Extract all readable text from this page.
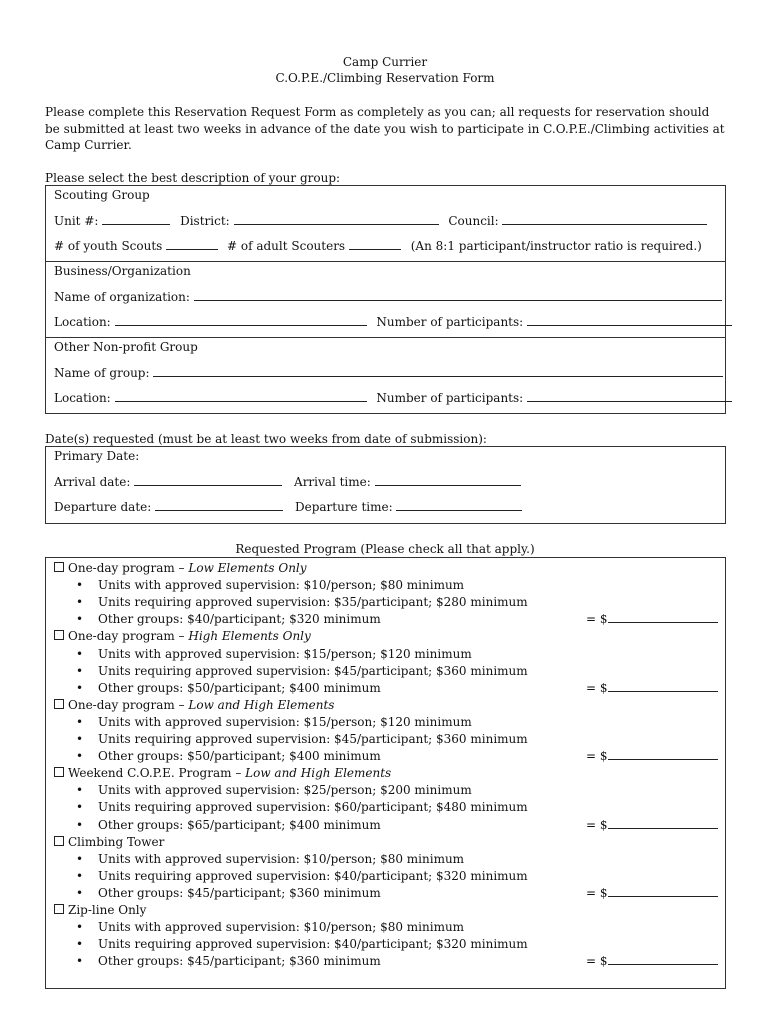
Camp Currier
C.O.P.E./Climbing Reservation Form
Please complete this Reservation Request Form as completely as you can; all requests for reservation should be submitted at least two weeks in advance of the date you wish to participate in C.O.P.E./Climbing activities at Camp Currier.
Please select the best description of your group:
Scouting Group
Unit #:	District:	Council:
# of youth Scouts	# of adult Scouters	(An 8:1 participant/instructor ratio is required.)
Business/Organization
Name of organization:
Location:	Number of participants:
Other Non-profit Group
Name of group:
Location:	Number of participants:
Date(s) requested (must be at least two weeks from date of submission):
Primary Date:
Arrival date:	Arrival time:
Departure date:	Departure time:
Requested Program (Please check all that apply.)
One-day program – Low Elements Only
• Units with approved supervision: $10/person; $80 minimum
• Units requiring approved supervision: $35/participant; $280 minimum
• Other groups: $40/participant; $320 minimum	= $
One-day program – High Elements Only
• Units with approved supervision: $15/person; $120 minimum
• Units requiring approved supervision: $45/participant; $360 minimum
• Other groups: $50/participant; $400 minimum	= $
One-day program – Low and High Elements
• Units with approved supervision: $15/person; $120 minimum
• Units requiring approved supervision: $45/participant; $360 minimum
• Other groups: $50/participant; $400 minimum	= $
Weekend C.O.P.E. Program – Low and High Elements
• Units with approved supervision: $25/person; $200 minimum
• Units requiring approved supervision: $60/participant; $480 minimum
• Other groups: $65/participant; $400 minimum	= $
Climbing Tower
• Units with approved supervision: $10/person; $80 minimum
• Units requiring approved supervision: $40/participant; $320 minimum
• Other groups: $45/participant; $360 minimum	= $
Zip-line Only
• Units with approved supervision: $10/person; $80 minimum
• Units requiring approved supervision: $40/participant; $320 minimum
• Other groups: $45/participant; $360 minimum	= $
